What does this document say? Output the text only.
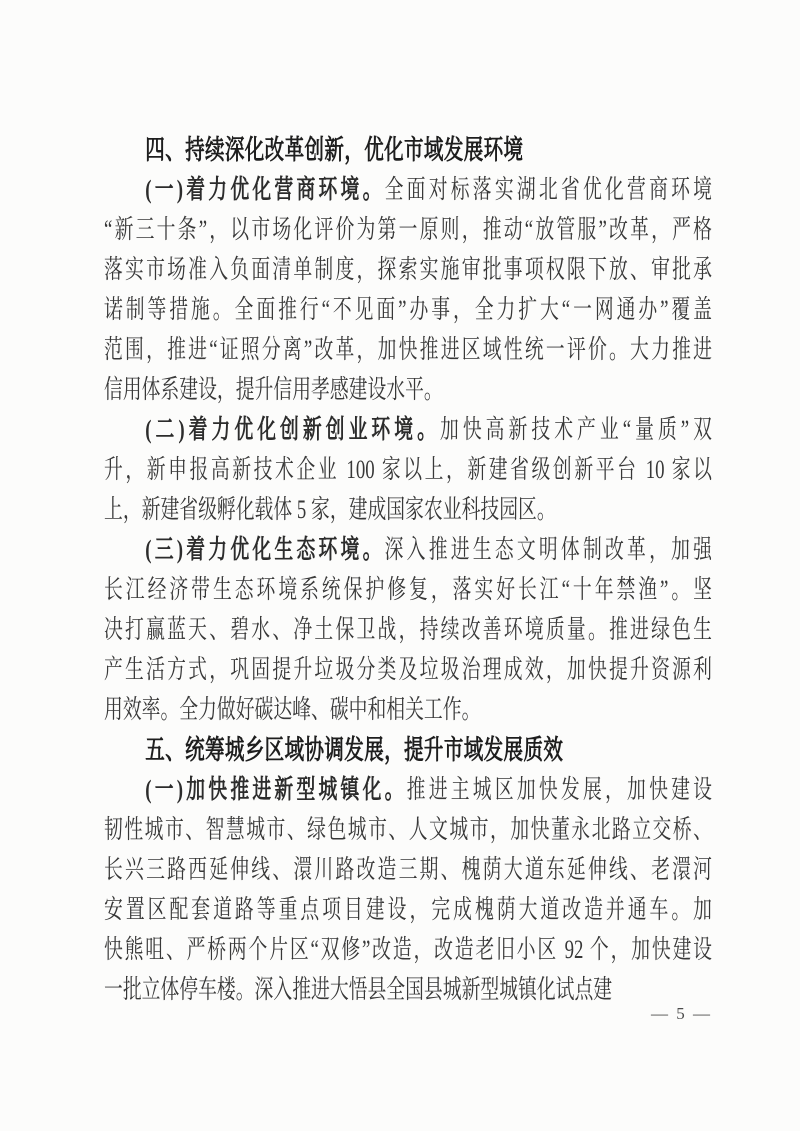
四、持续深化改革创新，优化市域发展环境
(一)着力优化营商环境。全面对标落实湖北省优化营商环境
“新三十条”，以市场化评价为第一原则，推动“放管服”改革，严格
落实市场准入负面清单制度，探索实施审批事项权限下放、审批承
诺制等措施。全面推行“不见面”办事，全力扩大“一网通办”覆盖
范围，推进“证照分离”改革，加快推进区域性统一评价。大力推进
信用体系建设，提升信用孝感建设水平。
(二)着力优化创新创业环境。加快高新技术产业“量质”双
升，新申报高新技术企业 100 家以上，新建省级创新平台 10 家以
上，新建省级孵化载体 5 家，建成国家农业科技园区。
(三)着力优化生态环境。深入推进生态文明体制改革，加强
长江经济带生态环境系统保护修复，落实好长江“十年禁渔”。坚
决打赢蓝天、碧水、净土保卫战，持续改善环境质量。推进绿色生
产生活方式，巩固提升垃圾分类及垃圾治理成效，加快提升资源利
用效率。全力做好碳达峰、碳中和相关工作。
五、统筹城乡区域协调发展，提升市域发展质效
(一)加快推进新型城镇化。推进主城区加快发展，加快建设
韧性城市、智慧城市、绿色城市、人文城市，加快董永北路立交桥、
长兴三路西延伸线、澴川路改造三期、槐荫大道东延伸线、老澴河
安置区配套道路等重点项目建设，完成槐荫大道改造并通车。加
快熊咀、严桥两个片区“双修”改造，改造老旧小区 92 个，加快建设
一批立体停车楼。深入推进大悟县全国县城新型城镇化试点建
— 5 —
